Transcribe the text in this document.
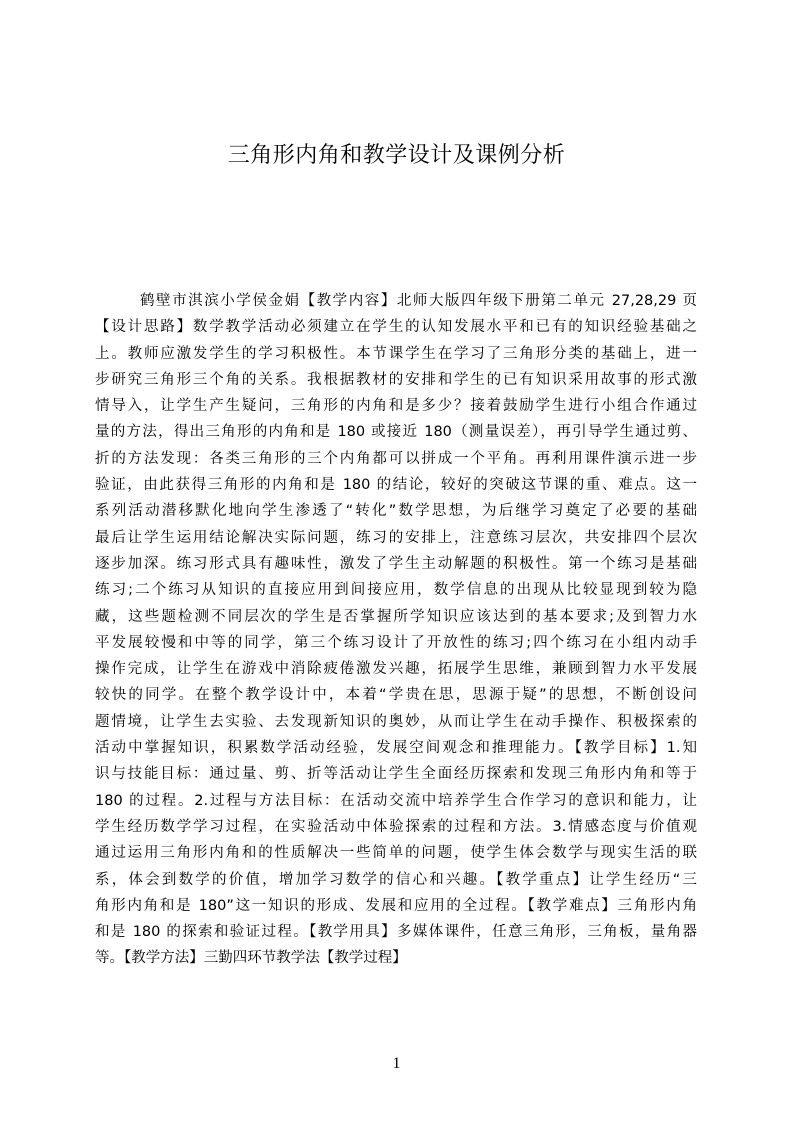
三角形内角和教学设计及课例分析
鹤壁市淇滨小学侯金娟【教学内容】北师大版四年级下册第二单元 27,28,29 页
【设计思路】数学教学活动必须建立在学生的认知发展水平和已有的知识经验基础之
上。教师应激发学生的学习积极性。本节课学生在学习了三角形分类的基础上，进一
步研究三角形三个角的关系。我根据教材的安排和学生的已有知识采用故事的形式激
情导入，让学生产生疑问，三角形的内角和是多少？接着鼓励学生进行小组合作通过
量的方法，得出三角形的内角和是 180 或接近 180（测量误差），再引导学生通过剪、
折的方法发现：各类三角形的三个内角都可以拼成一个平角。再利用课件演示进一步
验证，由此获得三角形的内角和是 180 的结论，较好的突破这节课的重、难点。这一
系列活动潜移默化地向学生渗透了“转化”数学思想，为后继学习奠定了必要的基础
最后让学生运用结论解决实际问题，练习的安排上，注意练习层次，共安排四个层次
逐步加深。练习形式具有趣味性，激发了学生主动解题的积极性。第一个练习是基础
练习;二个练习从知识的直接应用到间接应用，数学信息的出现从比较显现到较为隐
藏，这些题检测不同层次的学生是否掌握所学知识应该达到的基本要求;及到智力水
平发展较慢和中等的同学，第三个练习设计了开放性的练习;四个练习在小组内动手
操作完成，让学生在游戏中消除疲倦激发兴趣，拓展学生思维，兼顾到智力水平发展
较快的同学。在整个教学设计中，本着“学贵在思，思源于疑”的思想，不断创设问
题情境，让学生去实验、去发现新知识的奥妙，从而让学生在动手操作、积极探索的
活动中掌握知识，积累数学活动经验，发展空间观念和推理能力。【教学目标】1.知
识与技能目标：通过量、剪、折等活动让学生全面经历探索和发现三角形内角和等于
180 的过程。2.过程与方法目标：在活动交流中培养学生合作学习的意识和能力，让
学生经历数学学习过程，在实验活动中体验探索的过程和方法。3.情感态度与价值观
通过运用三角形内角和的性质解决一些简单的问题，使学生体会数学与现实生活的联
系，体会到数学的价值，增加学习数学的信心和兴趣。【教学重点】让学生经历“三
角形内角和是 180”这一知识的形成、发展和应用的全过程。【教学难点】三角形内角
和是 180 的探索和验证过程。【教学用具】多媒体课件，任意三角形，三角板，量角器
等。【教学方法】三勤四环节教学法【教学过程】
1
